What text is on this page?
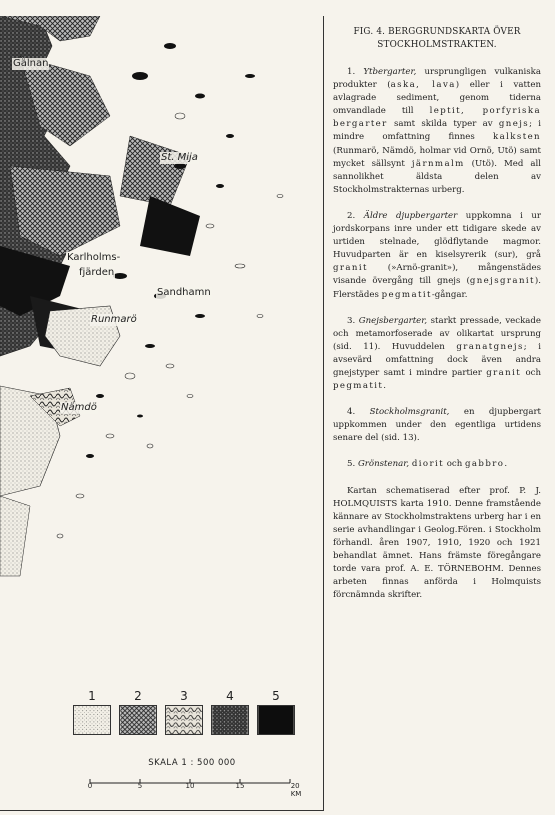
Gälnan
St. Mija
Karlholms-
fjärden
Sandhamn
Runmarö
Nämdö
1	2	3	4	5
SKALA 1 : 500 000
0	5	10	15	20 KM
FIG. 4. BERGGRUNDSKARTA ÖVER
STOCKHOLMSTRAKTEN.

1. Ytbergarter, ursprungligen vulkaniska produkter (aska, lava) eller i vatten avlagrade sediment, genom tiderna omvandlade till leptit, porfyriska bergarter samt skilda typer av gnejs; i mindre omfattning finnes kalksten (Runmarö, Nämdö, holmar vid Ornö, Utö) samt mycket sällsynt järnmalm (Utö). Med all sannolikhet äldsta delen av Stockholmstrakternas urberg.

2. Äldre djupbergarter uppkomna i ur jordskorpans inre under ett tidigare skede av urtiden stelnade, glödflytande magmor. Huvudparten är en kiselsyrerik (sur), grå granit (»Arnö-granit»), mångenstädes visande övergång till gnejs (gnejsgranit). Flerstädes pegmatit-gångar.

3. Gnejsbergarter, starkt pressade, veckade och metamorfoserade av olikartat ursprung (sid. 11). Huvuddelen granatgnejs; i avsevärd omfattning dock även andra gnejstyper samt i mindre partier granit och pegmatit.

4. Stockholmsgranit, en djupbergart uppkommen under den egentliga urtidens senare del (sid. 13).

5. Grönstenar, diorit och gabbro.

Kartan schematiserad efter prof. P. J. HOLMQUISTS karta 1910. Denne framstående kännare av Stockholmstraktens urberg har i en serie avhandlingar i Geolog.Fören. i Stockholm förhandl. åren 1907, 1910, 1920 och 1921 behandlat ämnet. Hans främste föregångare torde vara prof. A. E. TÖRNEBOHM. Dennes arbeten finnas anförda i Holmquists förcnämnda skrifter.
